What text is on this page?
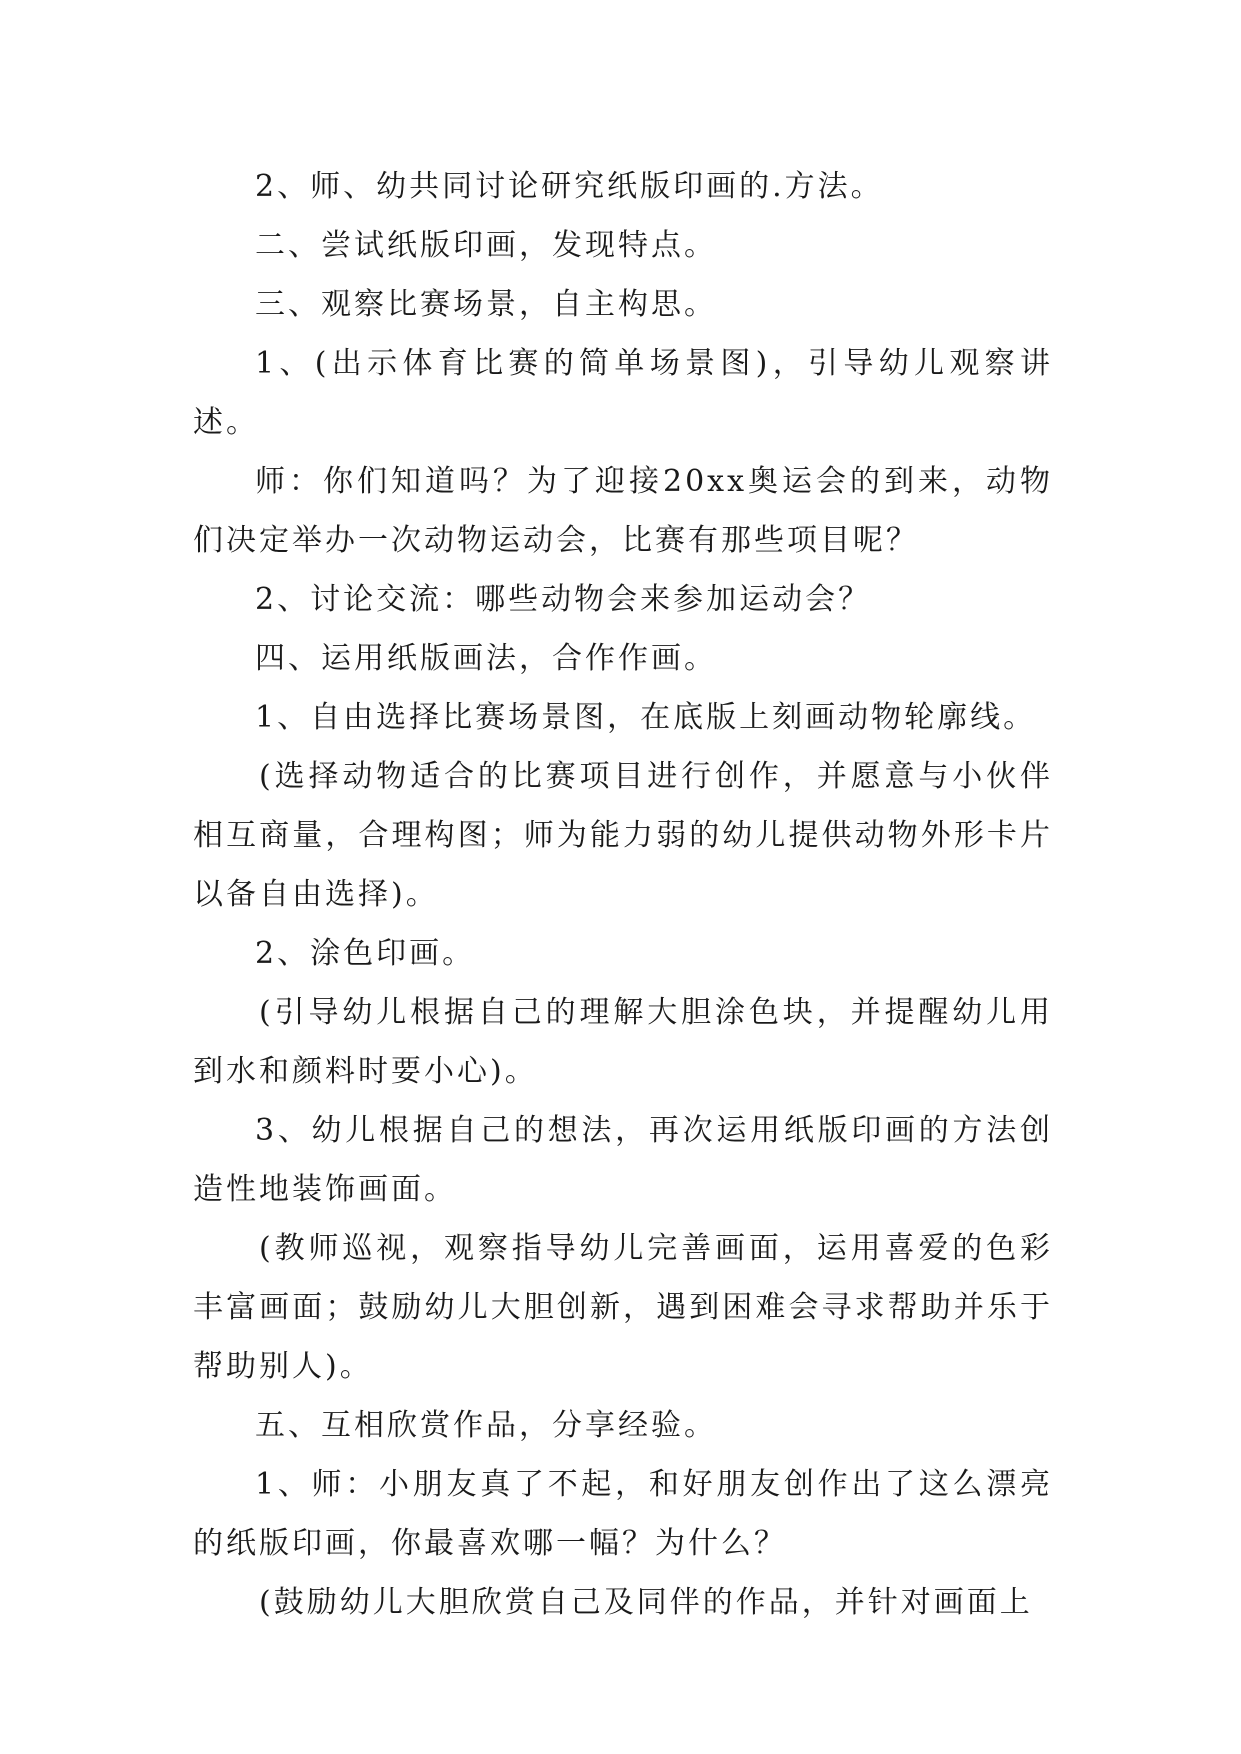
2、师、幼共同讨论研究纸版印画的.方法。

二、尝试纸版印画，发现特点。

三、观察比赛场景，自主构思。

1、(出示体育比赛的简单场景图)，引导幼儿观察讲述。

师：你们知道吗？为了迎接20xx奥运会的到来，动物们决定举办一次动物运动会，比赛有那些项目呢？

2、讨论交流：哪些动物会来参加运动会？

四、运用纸版画法，合作作画。

1、自由选择比赛场景图，在底版上刻画动物轮廓线。

(选择动物适合的比赛项目进行创作，并愿意与小伙伴相互商量，合理构图；师为能力弱的幼儿提供动物外形卡片以备自由选择)。

2、涂色印画。

(引导幼儿根据自己的理解大胆涂色块，并提醒幼儿用到水和颜料时要小心)。

3、幼儿根据自己的想法，再次运用纸版印画的方法创造性地装饰画面。

(教师巡视，观察指导幼儿完善画面，运用喜爱的色彩丰富画面；鼓励幼儿大胆创新，遇到困难会寻求帮助并乐于帮助别人)。

五、互相欣赏作品，分享经验。

1、师：小朋友真了不起，和好朋友创作出了这么漂亮的纸版印画，你最喜欢哪一幅？为什么？

(鼓励幼儿大胆欣赏自己及同伴的作品，并针对画面上
